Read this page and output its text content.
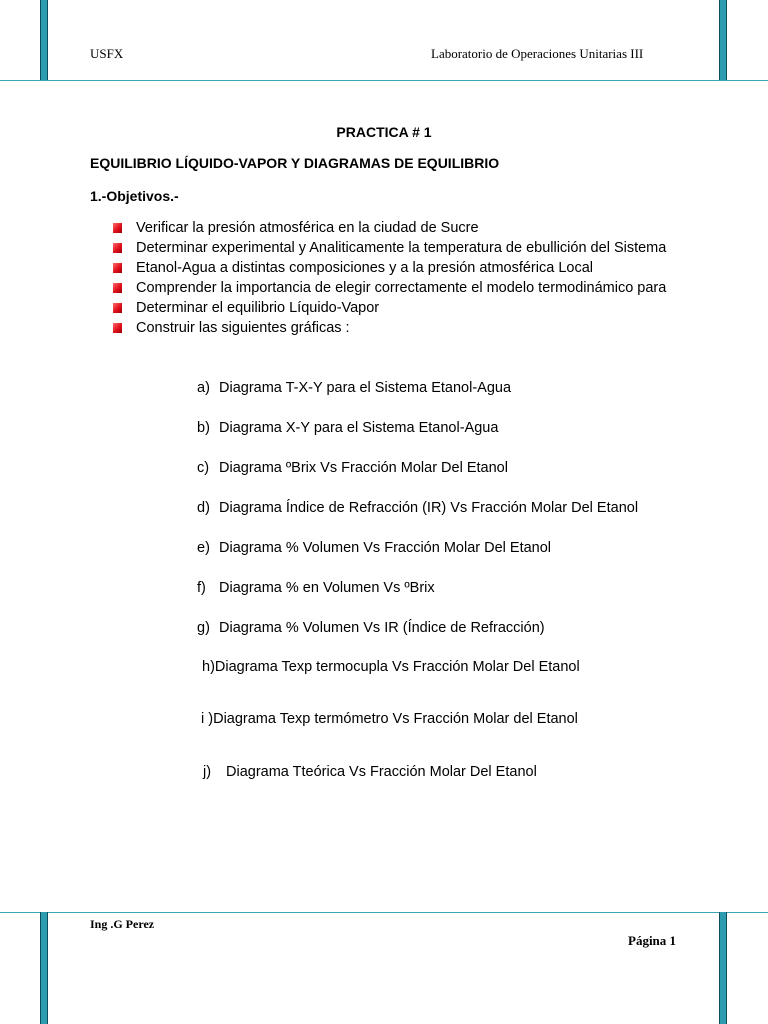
USFX	Laboratorio de Operaciones Unitarias III
PRACTICA # 1
EQUILIBRIO LÍQUIDO-VAPOR Y DIAGRAMAS DE EQUILIBRIO
1.-Objetivos.-
Verificar la presión atmosférica en la ciudad de Sucre
Determinar experimental y Analiticamente la temperatura de ebullición del Sistema
Etanol-Agua a distintas composiciones y a la presión atmosférica Local
Comprender la importancia de elegir correctamente el modelo termodinámico para
Determinar el equilibrio Líquido-Vapor
Construir las siguientes gráficas :
a) Diagrama T-X-Y para el Sistema Etanol-Agua
b) Diagrama X-Y para el Sistema Etanol-Agua
c) Diagrama ºBrix Vs Fracción Molar Del Etanol
d) Diagrama Índice de Refracción (IR) Vs Fracción Molar Del Etanol
e) Diagrama % Volumen Vs Fracción Molar Del Etanol
f) Diagrama % en Volumen Vs ºBrix
g) Diagrama % Volumen Vs IR (Índice de Refracción)
h)Diagrama Texp termocupla Vs Fracción Molar Del Etanol
i )Diagrama Texp termómetro Vs Fracción Molar del Etanol
j) Diagrama Tteórica Vs Fracción Molar Del Etanol
Ing .G Perez
Página 1
